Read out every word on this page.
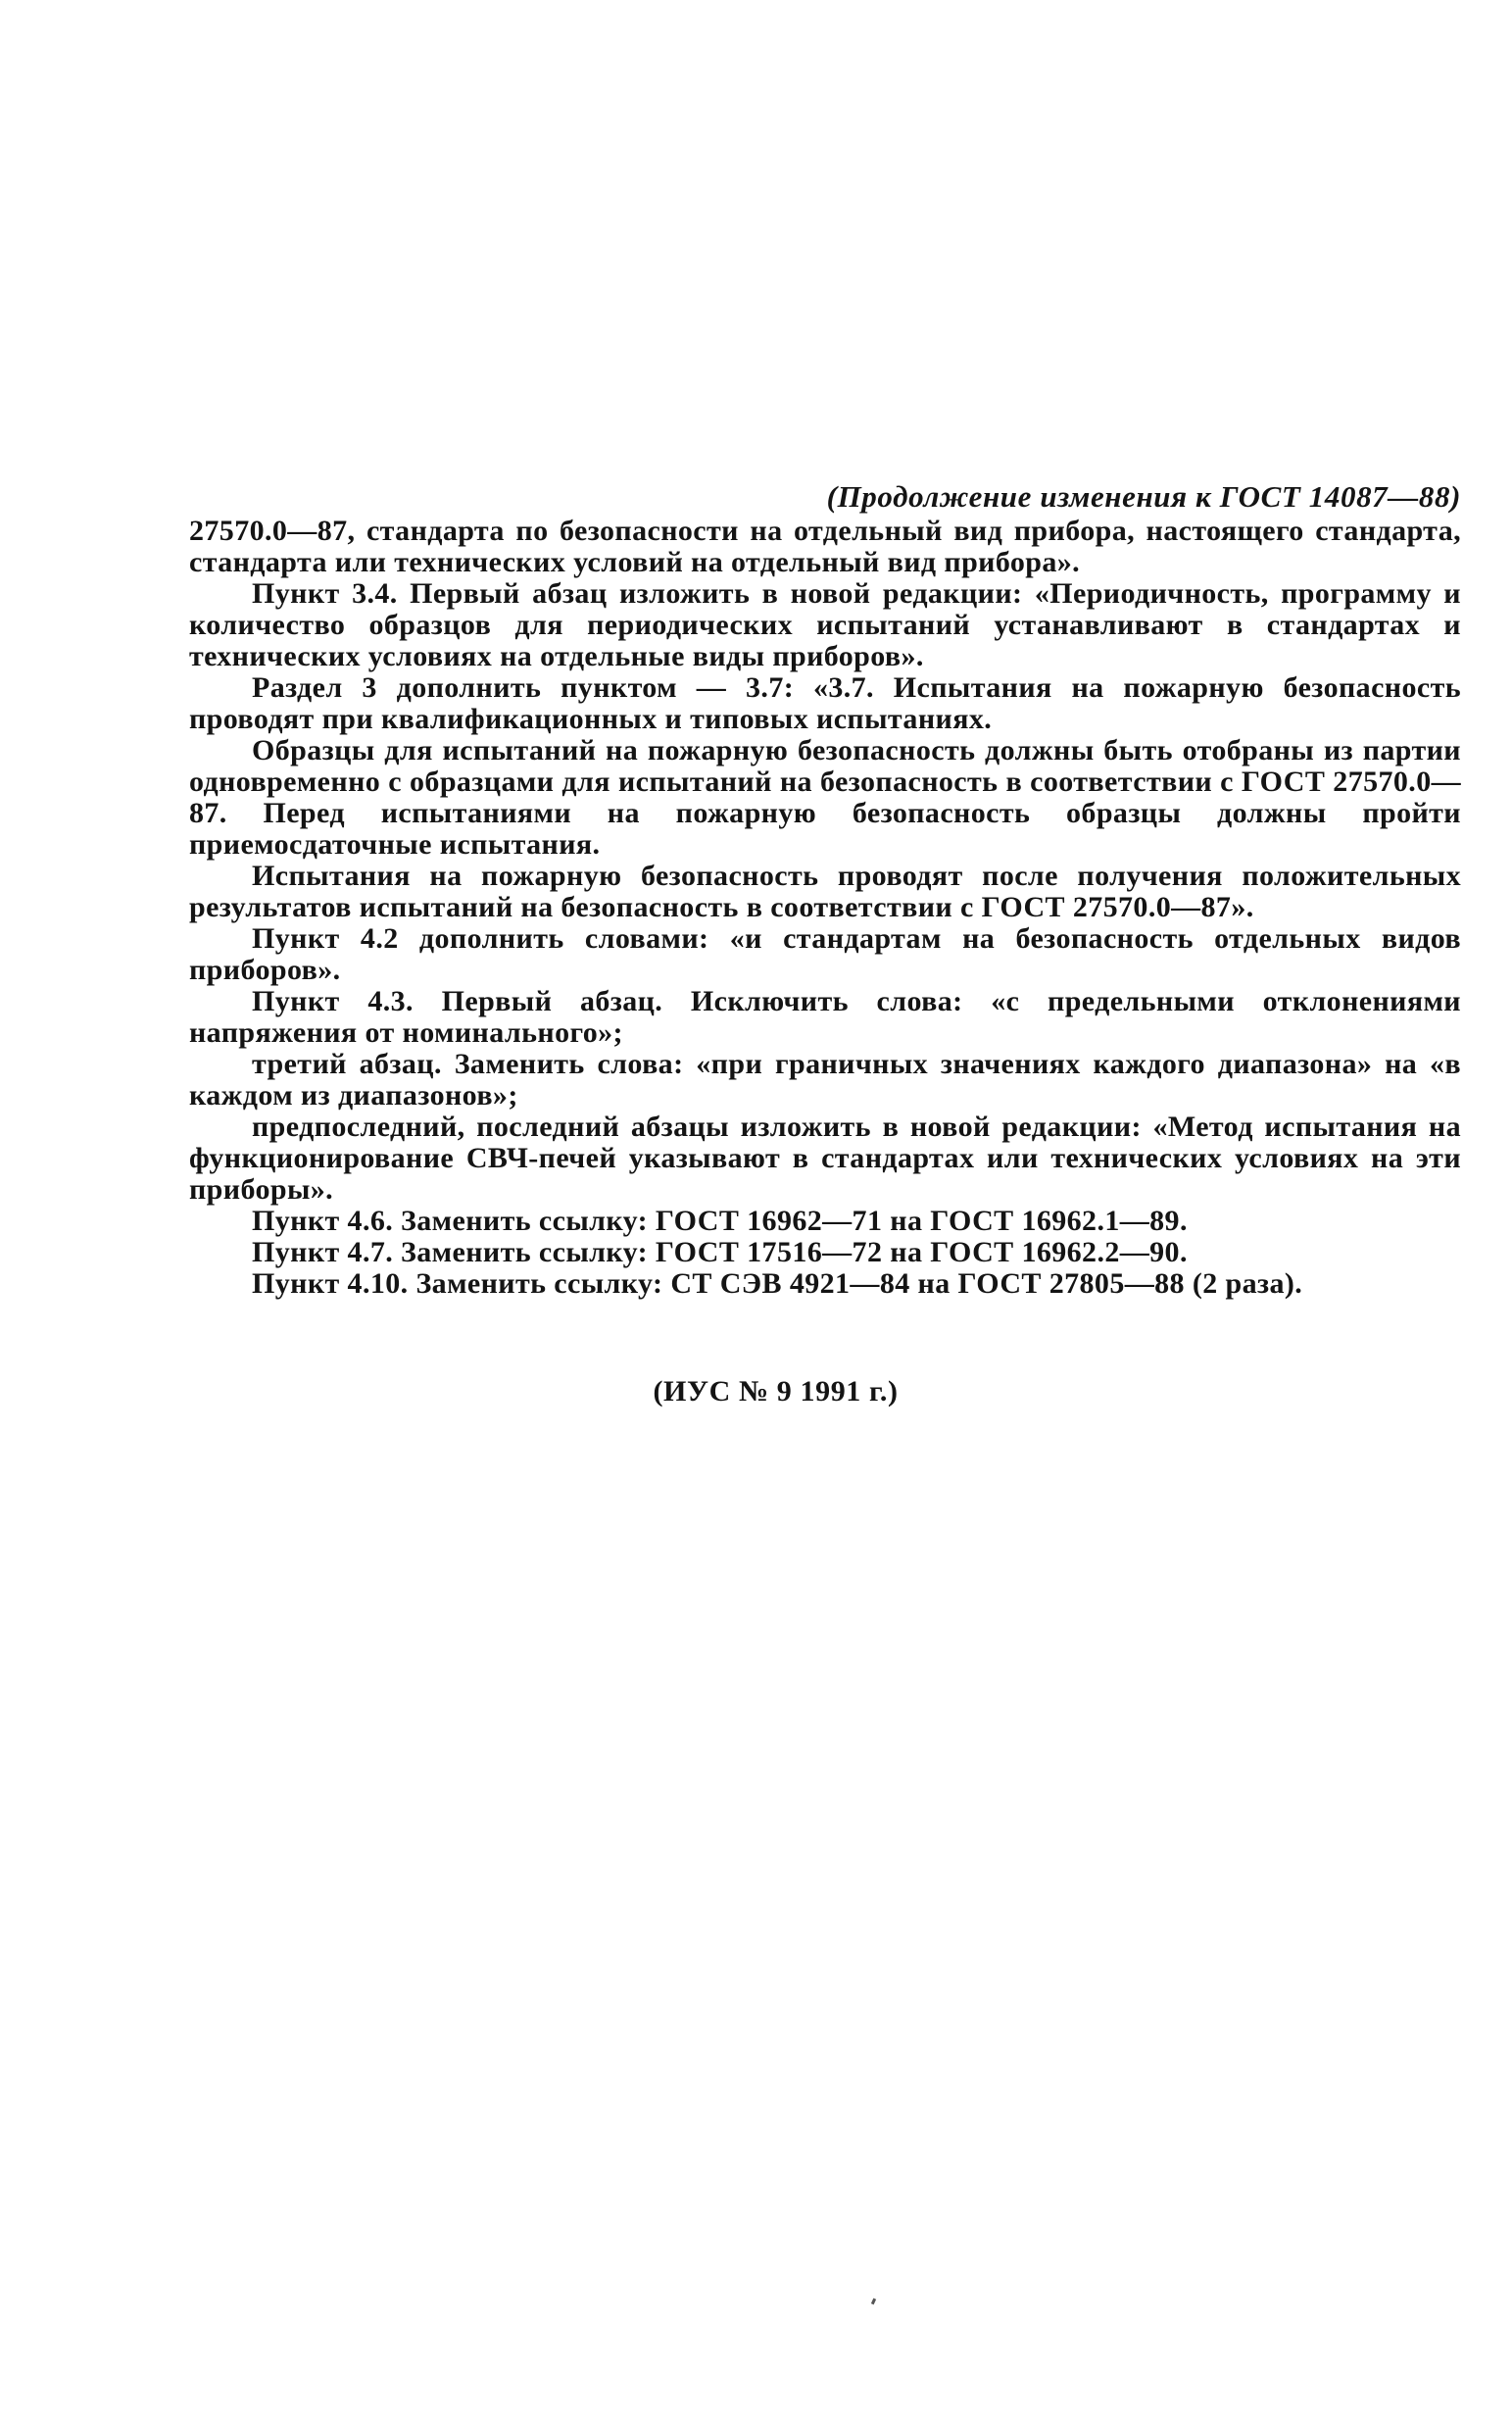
(Продолжение изменения к ГОСТ 14087—88)

27570.0—87, стандарта по безопасности на отдельный вид прибора, настоящего стандарта, стандарта или технических условий на отдельный вид прибора».

Пункт 3.4. Первый абзац изложить в новой редакции: «Периодичность, программу и количество образцов для периодических испытаний устанавливают в стандартах и технических условиях на отдельные виды приборов».

Раздел 3 дополнить пунктом — 3.7: «3.7. Испытания на пожарную безопасность проводят при квалификационных и типовых испытаниях.

Образцы для испытаний на пожарную безопасность должны быть отобраны из партии одновременно с образцами для испытаний на безопасность в соответствии с ГОСТ 27570.0—87. Перед испытаниями на пожарную безопасность образцы должны пройти приемосдаточные испытания.

Испытания на пожарную безопасность проводят после получения положительных результатов испытаний на безопасность в соответствии с ГОСТ 27570.0—87».

Пункт 4.2 дополнить словами: «и стандартам на безопасность отдельных видов приборов».

Пункт 4.3. Первый абзац. Исключить слова: «с предельными отклонениями напряжения от номинального»;

третий абзац. Заменить слова: «при граничных значениях каждого диапазона» на «в каждом из диапазонов»;

предпоследний, последний абзацы изложить в новой редакции: «Метод испытания на функционирование СВЧ-печей указывают в стандартах или технических условиях на эти приборы».

Пункт 4.6. Заменить ссылку: ГОСТ 16962—71 на ГОСТ 16962.1—89.

Пункт 4.7. Заменить ссылку: ГОСТ 17516—72 на ГОСТ 16962.2—90.

Пункт 4.10. Заменить ссылку: СТ СЭВ 4921—84 на ГОСТ 27805—88 (2 раза).

(ИУС № 9 1991 г.)
